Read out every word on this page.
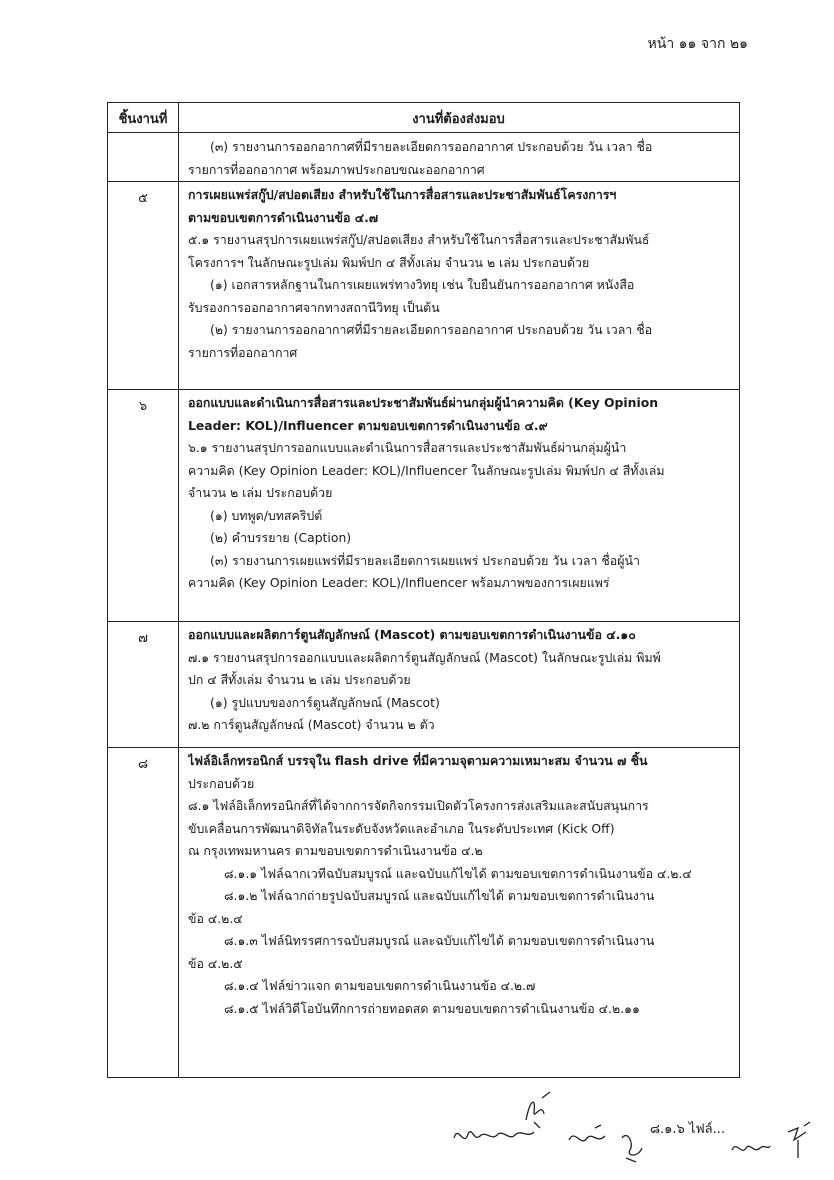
หน้า ๑๑ จาก ๒๑
ชิ้นงานที่	งานที่ต้องส่งมอบ
(๓) รายงานการออกอากาศที่มีรายละเอียดการออกอากาศ ประกอบด้วย วัน เวลา ชื่อ
รายการที่ออกอากาศ พร้อมภาพประกอบขณะออกอากาศ
๕	การเผยแพร่สกู๊ป/สปอตเสียง สำหรับใช้ในการสื่อสารและประชาสัมพันธ์โครงการฯ
ตามขอบเขตการดำเนินงานข้อ ๔.๗
๕.๑ รายงานสรุปการเผยแพร่สกู๊ป/สปอตเสียง สำหรับใช้ในการสื่อสารและประชาสัมพันธ์
โครงการฯ ในลักษณะรูปเล่ม พิมพ์ปก ๔ สีทั้งเล่ม จำนวน ๒ เล่ม ประกอบด้วย
(๑) เอกสารหลักฐานในการเผยแพร่ทางวิทยุ เช่น ใบยืนยันการออกอากาศ หนังสือ
รับรองการออกอากาศจากทางสถานีวิทยุ เป็นต้น
(๒) รายงานการออกอากาศที่มีรายละเอียดการออกอากาศ ประกอบด้วย วัน เวลา ชื่อ
รายการที่ออกอากาศ
๖	ออกแบบและดำเนินการสื่อสารและประชาสัมพันธ์ผ่านกลุ่มผู้นำความคิด (Key Opinion
Leader: KOL)/Influencer ตามขอบเขตการดำเนินงานข้อ ๔.๙
๖.๑ รายงานสรุปการออกแบบและดำเนินการสื่อสารและประชาสัมพันธ์ผ่านกลุ่มผู้นำ
ความคิด (Key Opinion Leader: KOL)/Influencer ในลักษณะรูปเล่ม พิมพ์ปก ๔ สีทั้งเล่ม
จำนวน ๒ เล่ม ประกอบด้วย
(๑) บทพูด/บทสคริปต์
(๒) คำบรรยาย (Caption)
(๓) รายงานการเผยแพร่ที่มีรายละเอียดการเผยแพร่ ประกอบด้วย วัน เวลา ชื่อผู้นำ
ความคิด (Key Opinion Leader: KOL)/Influencer พร้อมภาพของการเผยแพร่
๗	ออกแบบและผลิตการ์ตูนสัญลักษณ์ (Mascot) ตามขอบเขตการดำเนินงานข้อ ๔.๑๐
๗.๑ รายงานสรุปการออกแบบและผลิตการ์ตูนสัญลักษณ์ (Mascot) ในลักษณะรูปเล่ม พิมพ์
ปก ๔ สีทั้งเล่ม จำนวน ๒ เล่ม ประกอบด้วย
(๑) รูปแบบของการ์ตูนสัญลักษณ์ (Mascot)
๗.๒ การ์ตูนสัญลักษณ์ (Mascot) จำนวน ๒ ตัว
๘	ไฟล์อิเล็กทรอนิกส์ บรรจุใน flash drive ที่มีความจุตามความเหมาะสม จำนวน ๗ ชิ้น
ประกอบด้วย
๘.๑ ไฟล์อิเล็กทรอนิกส์ที่ได้จากการจัดกิจกรรมเปิดตัวโครงการส่งเสริมและสนับสนุนการ
ขับเคลื่อนการพัฒนาดิจิทัลในระดับจังหวัดและอำเภอ ในระดับประเทศ (Kick Off)
ณ กรุงเทพมหานคร ตามขอบเขตการดำเนินงานข้อ ๔.๒
๘.๑.๑ ไฟล์ฉากเวทีฉบับสมบูรณ์ และฉบับแก้ไขได้ ตามขอบเขตการดำเนินงานข้อ ๔.๒.๔
๘.๑.๒ ไฟล์ฉากถ่ายรูปฉบับสมบูรณ์ และฉบับแก้ไขได้ ตามขอบเขตการดำเนินงาน
ข้อ ๔.๒.๔
๘.๑.๓ ไฟล์นิทรรศการฉบับสมบูรณ์ และฉบับแก้ไขได้ ตามขอบเขตการดำเนินงาน
ข้อ ๔.๒.๕
๘.๑.๔ ไฟล์ข่าวแจก ตามขอบเขตการดำเนินงานข้อ ๔.๒.๗
๘.๑.๕ ไฟล์วิดีโอบันทึกการถ่ายทอดสด ตามขอบเขตการดำเนินงานข้อ ๔.๒.๑๑
๘.๑.๖ ไฟล์...
